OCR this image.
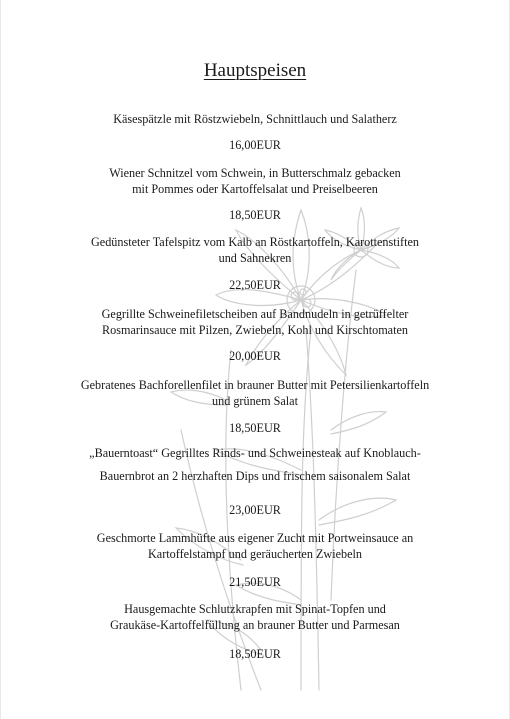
Hauptspeisen
Käsespätzle mit Röstzwiebeln, Schnittlauch und Salatherz
16,00EUR
Wiener Schnitzel vom Schwein, in Butterschmalz gebacken
mit Pommes oder Kartoffelsalat und Preiselbeeren
18,50EUR
Gedünsteter Tafelspitz vom Kalb an Röstkartoffeln, Karottenstiften
und Sahnekren
22,50EUR
Gegrillte Schweinefiletscheiben auf Bandnudeln in getrüffelter
Rosmarinsauce mit Pilzen, Zwiebeln, Kohl und Kirschtomaten
20,00EUR
Gebratenes Bachforellenfilet in brauner Butter mit Petersilienkartoffeln
und grünem Salat
18,50EUR
„Bauerntoast“ Gegrilltes Rinds- und Schweinesteak auf Knoblauch-
Bauernbrot an 2 herzhaften Dips und frischem saisonalem Salat
23,00EUR
Geschmorte Lammhüfte aus eigener Zucht mit Portweinsauce an
Kartoffelstampf und geräucherten Zwiebeln
21,50EUR
Hausgemachte Schlutzkrapfen mit Spinat-Topfen und
Graukäse-Kartoffelfüllung an brauner Butter und Parmesan
18,50EUR
